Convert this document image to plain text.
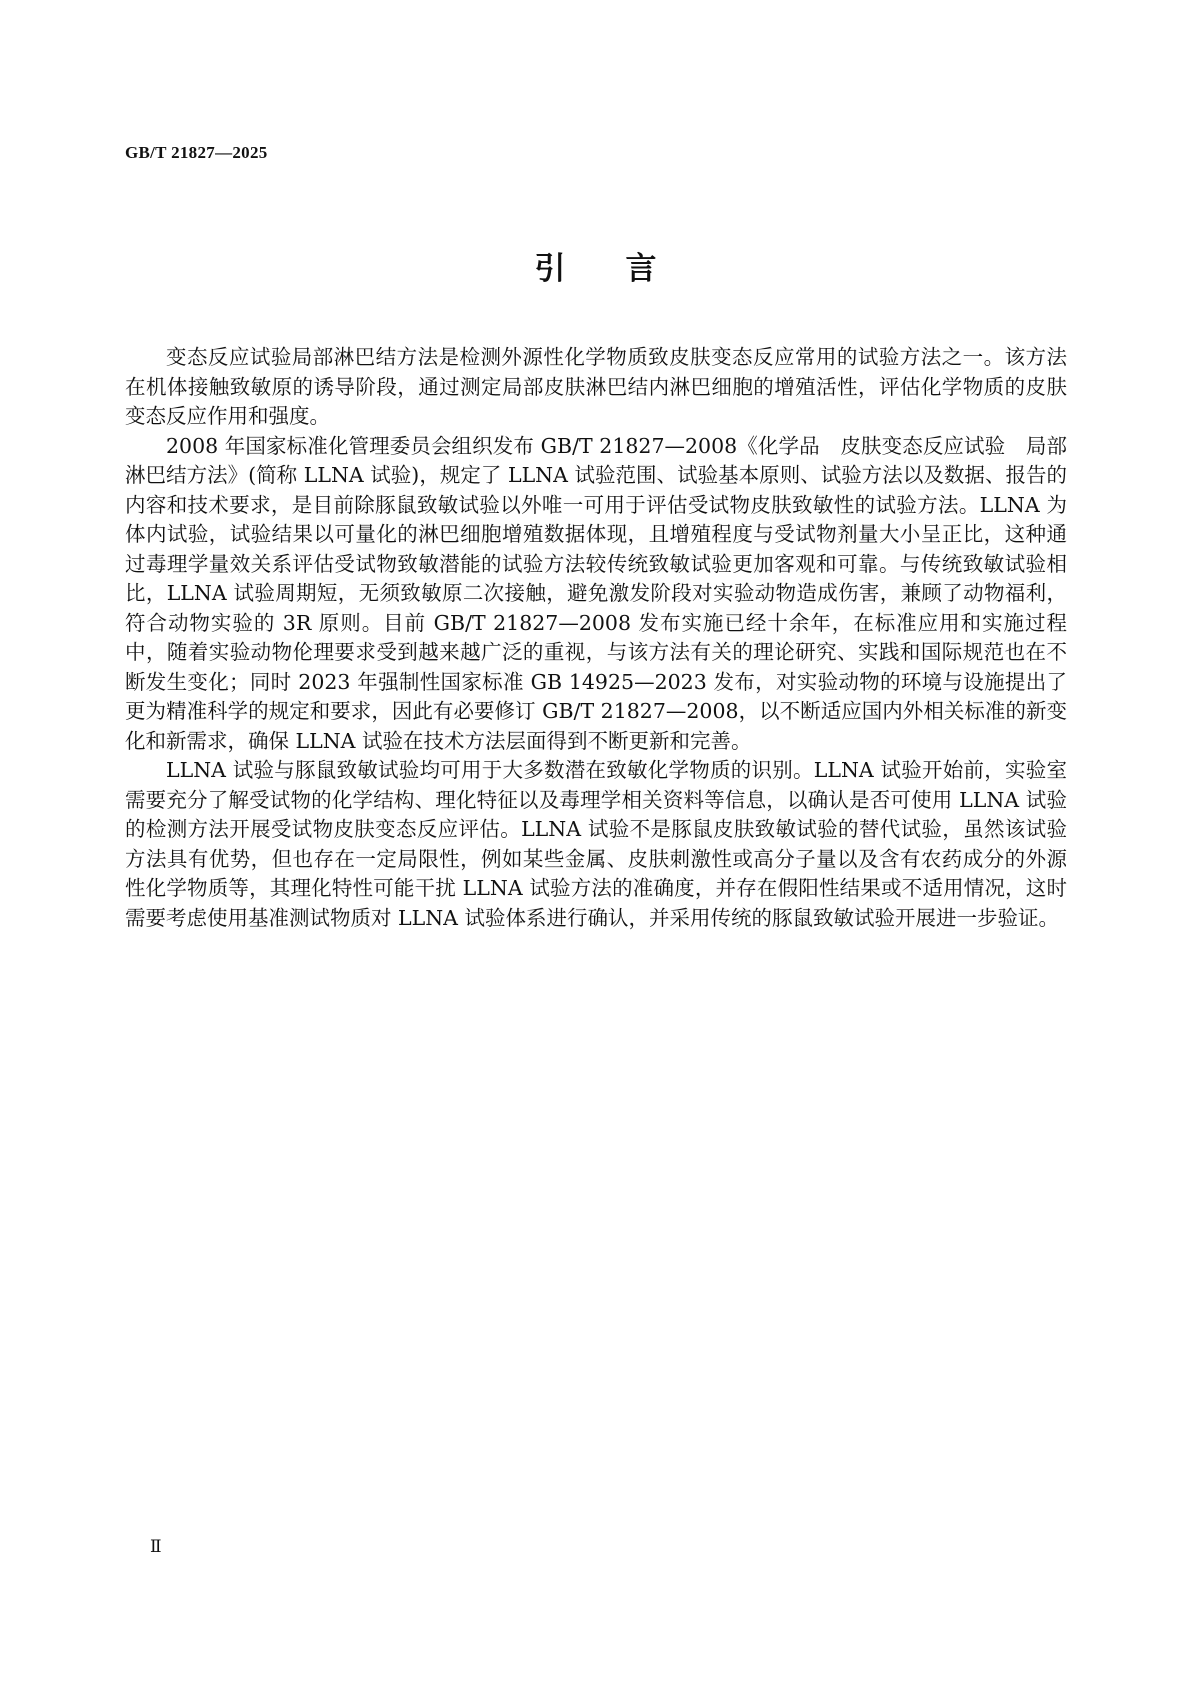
GB/T 21827—2025

引言

变态反应试验局部淋巴结方法是检测外源性化学物质致皮肤变态反应常用的试验方法之一。该方法在机体接触致敏原的诱导阶段，通过测定局部皮肤淋巴结内淋巴细胞的增殖活性，评估化学物质的皮肤变态反应作用和强度。

2008 年国家标准化管理委员会组织发布 GB/T 21827—2008《化学品　皮肤变态反应试验　局部淋巴结方法》(简称 LLNA 试验)，规定了 LLNA 试验范围、试验基本原则、试验方法以及数据、报告的内容和技术要求，是目前除豚鼠致敏试验以外唯一可用于评估受试物皮肤致敏性的试验方法。LLNA 为体内试验，试验结果以可量化的淋巴细胞增殖数据体现，且增殖程度与受试物剂量大小呈正比，这种通过毒理学量效关系评估受试物致敏潜能的试验方法较传统致敏试验更加客观和可靠。与传统致敏试验相比，LLNA 试验周期短，无须致敏原二次接触，避免激发阶段对实验动物造成伤害，兼顾了动物福利，符合动物实验的 3R 原则。目前 GB/T 21827—2008 发布实施已经十余年，在标准应用和实施过程中，随着实验动物伦理要求受到越来越广泛的重视，与该方法有关的理论研究、实践和国际规范也在不断发生变化；同时 2023 年强制性国家标准 GB 14925—2023 发布，对实验动物的环境与设施提出了更为精准科学的规定和要求，因此有必要修订 GB/T 21827—2008，以不断适应国内外相关标准的新变化和新需求，确保 LLNA 试验在技术方法层面得到不断更新和完善。

LLNA 试验与豚鼠致敏试验均可用于大多数潜在致敏化学物质的识别。LLNA 试验开始前，实验室需要充分了解受试物的化学结构、理化特征以及毒理学相关资料等信息，以确认是否可使用 LLNA 试验的检测方法开展受试物皮肤变态反应评估。LLNA 试验不是豚鼠皮肤致敏试验的替代试验，虽然该试验方法具有优势，但也存在一定局限性，例如某些金属、皮肤刺激性或高分子量以及含有农药成分的外源性化学物质等，其理化特性可能干扰 LLNA 试验方法的准确度，并存在假阳性结果或不适用情况，这时需要考虑使用基准测试物质对 LLNA 试验体系进行确认，并采用传统的豚鼠致敏试验开展进一步验证。

Ⅱ
